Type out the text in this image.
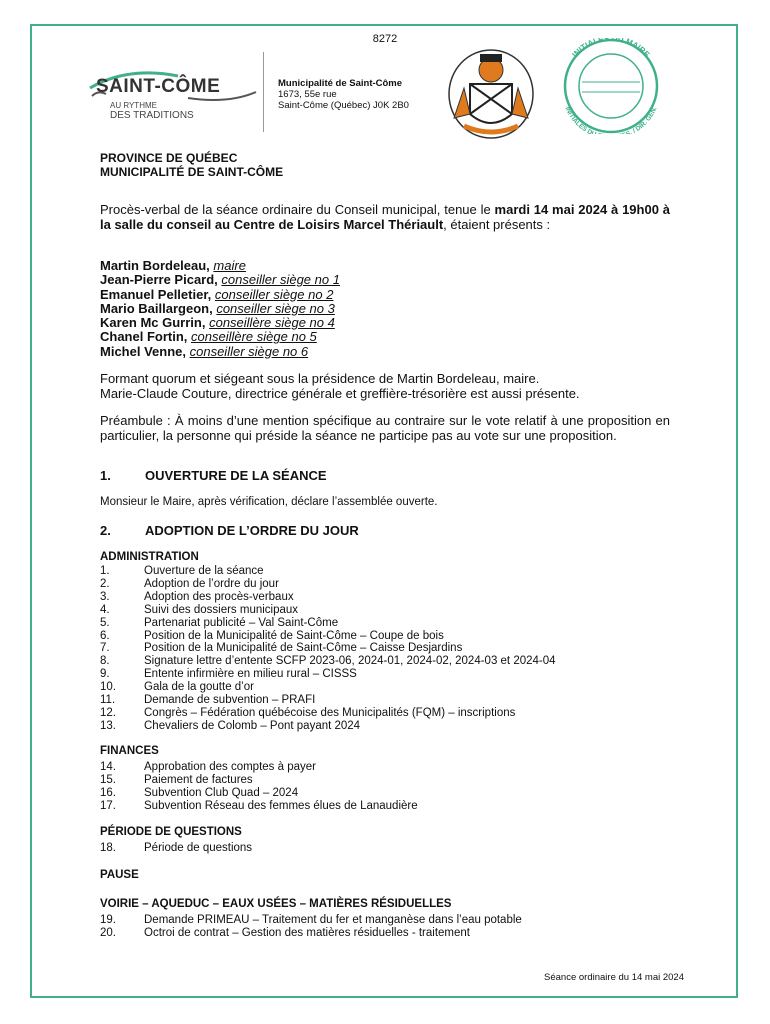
8272
SAINT-CÔME
AU RYTHME
DES TRADITIONS
Municipalité de Saint-Côme
1673, 55e rue
Saint-Côme (Québec) J0K 2B0
INITIALES DU MAIRE
INITIALES D . / DIR. GÉN.
PROVINCE DE QUÉBEC
MUNICIPALITÉ DE SAINT-CÔME
Procès-verbal de la séance ordinaire du Conseil municipal, tenue le mardi 14 mai 2024 à 19h00 à la salle du conseil au Centre de Loisirs Marcel Thériault, étaient présents :
Martin Bordeleau, maire
Jean-Pierre Picard, conseiller siège no 1
Emanuel Pelletier, conseiller siège no 2
Mario Baillargeon, conseiller siège no 3
Karen Mc Gurrin, conseillère siège no 4
Chanel Fortin, conseillère siège no 5
Michel Venne, conseiller siège no 6
Formant quorum et siégeant sous la présidence de Martin Bordeleau, maire.
Marie-Claude Couture, directrice générale et greffière-trésorière est aussi présente.
Préambule : À moins d’une mention spécifique au contraire sur le vote relatif à une proposition en particulier, la personne qui préside la séance ne participe pas au vote sur une proposition.
1.	OUVERTURE DE LA SÉANCE
Monsieur le Maire, après vérification, déclare l’assemblée ouverte.
2.	ADOPTION DE L’ORDRE DU JOUR
ADMINISTRATION
1.	Ouverture de la séance
2.	Adoption de l’ordre du jour
3.	Adoption des procès-verbaux
4.	Suivi des dossiers municipaux
5.	Partenariat publicité – Val Saint-Côme
6.	Position de la Municipalité de Saint-Côme – Coupe de bois
7.	Position de la Municipalité de Saint-Côme – Caisse Desjardins
8.	Signature lettre d’entente SCFP 2023-06, 2024-01, 2024-02, 2024-03 et 2024-04
9.	Entente infirmière en milieu rural – CISSS
10.	Gala de la goutte d’or
11.	Demande de subvention – PRAFI
12.	Congrès – Fédération québécoise des Municipalités (FQM) – inscriptions
13.	Chevaliers de Colomb – Pont payant 2024
FINANCES
14.	Approbation des comptes à payer
15.	Paiement de factures
16.	Subvention Club Quad – 2024
17.	Subvention Réseau des femmes élues de Lanaudière
PÉRIODE DE QUESTIONS
18.	Période de questions
PAUSE
VOIRIE – AQUEDUC – EAUX USÉES – MATIÈRES RÉSIDUELLES
19.	Demande PRIMEAU – Traitement du fer et manganèse dans l’eau potable
20.	Octroi de contrat – Gestion des matières résiduelles - traitement
Séance ordinaire du 14 mai 2024
